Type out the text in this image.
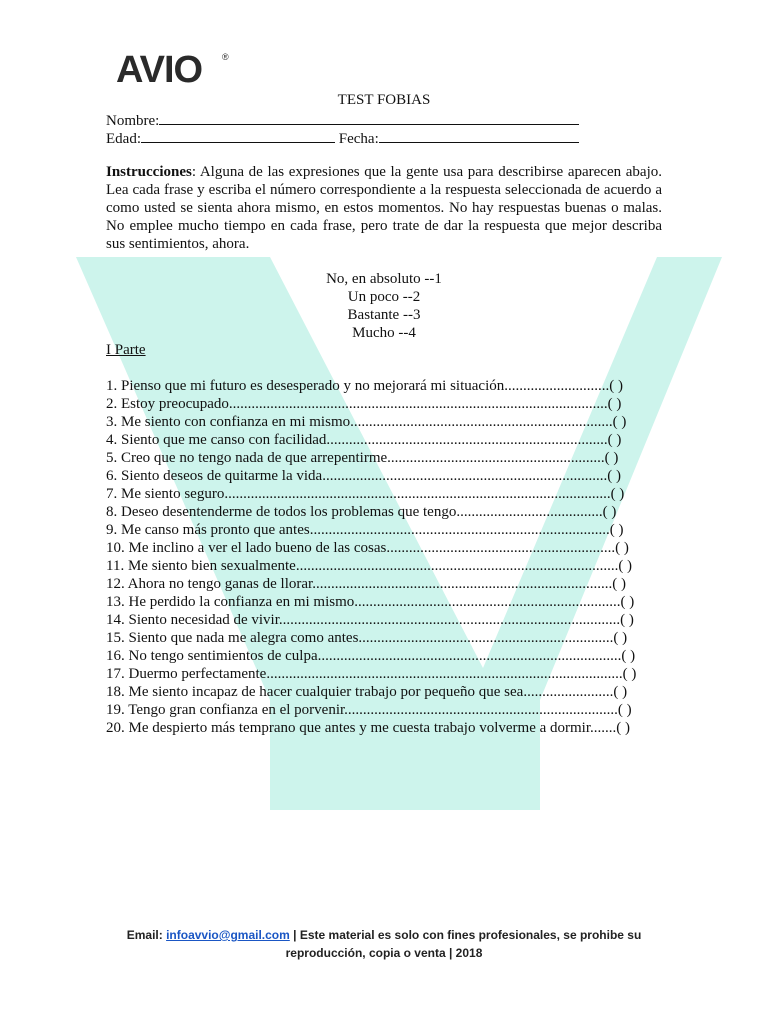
AVIO ®
TEST FOBIAS
Nombre:
Edad:	Fecha:
Instrucciones: Alguna de las expresiones que la gente usa para describirse aparecen abajo. Lea cada frase y escriba el número correspondiente a la respuesta seleccionada de acuerdo a como usted se sienta ahora mismo, en estos momentos. No hay respuestas buenas o malas. No emplee mucho tiempo en cada frase, pero trate de dar la respuesta que mejor describa sus sentimientos, ahora.
No, en absoluto --1
Un poco --2
Bastante --3
Mucho --4
I Parte
1. Pienso que mi futuro es desesperado y no mejorará mi situación............................( )
2. Estoy preocupado.....................................................................................................( )
3. Me siento con confianza en mi mismo......................................................................( )
4. Siento que me canso con facilidad...........................................................................( )
5. Creo que no tengo nada de que arrepentirme..........................................................( )
6. Siento deseos de quitarme la vida............................................................................( )
7. Me siento seguro.......................................................................................................( )
8. Deseo desentenderme de todos los problemas que tengo.......................................( )
9. Me canso más pronto que antes................................................................................( )
10. Me inclino a ver el lado bueno de las cosas.............................................................( )
11. Me siento bien sexualmente......................................................................................( )
12. Ahora no tengo ganas de llorar................................................................................( )
13. He perdido la confianza en mi mismo.......................................................................( )
14. Siento necesidad de vivir...........................................................................................( )
15. Siento que nada me alegra como antes....................................................................( )
16. No tengo sentimientos de culpa.................................................................................( )
17. Duermo perfectamente...............................................................................................( )
18. Me siento incapaz de hacer cualquier trabajo por pequeño que sea........................( )
19. Tengo gran confianza en el porvenir.........................................................................( )
20. Me despierto más temprano que antes y me cuesta trabajo volverme a dormir.......( )
Email: infoavvio@gmail.com | Este material es solo con fines profesionales, se prohibe su
reproducción, copia o venta | 2018
